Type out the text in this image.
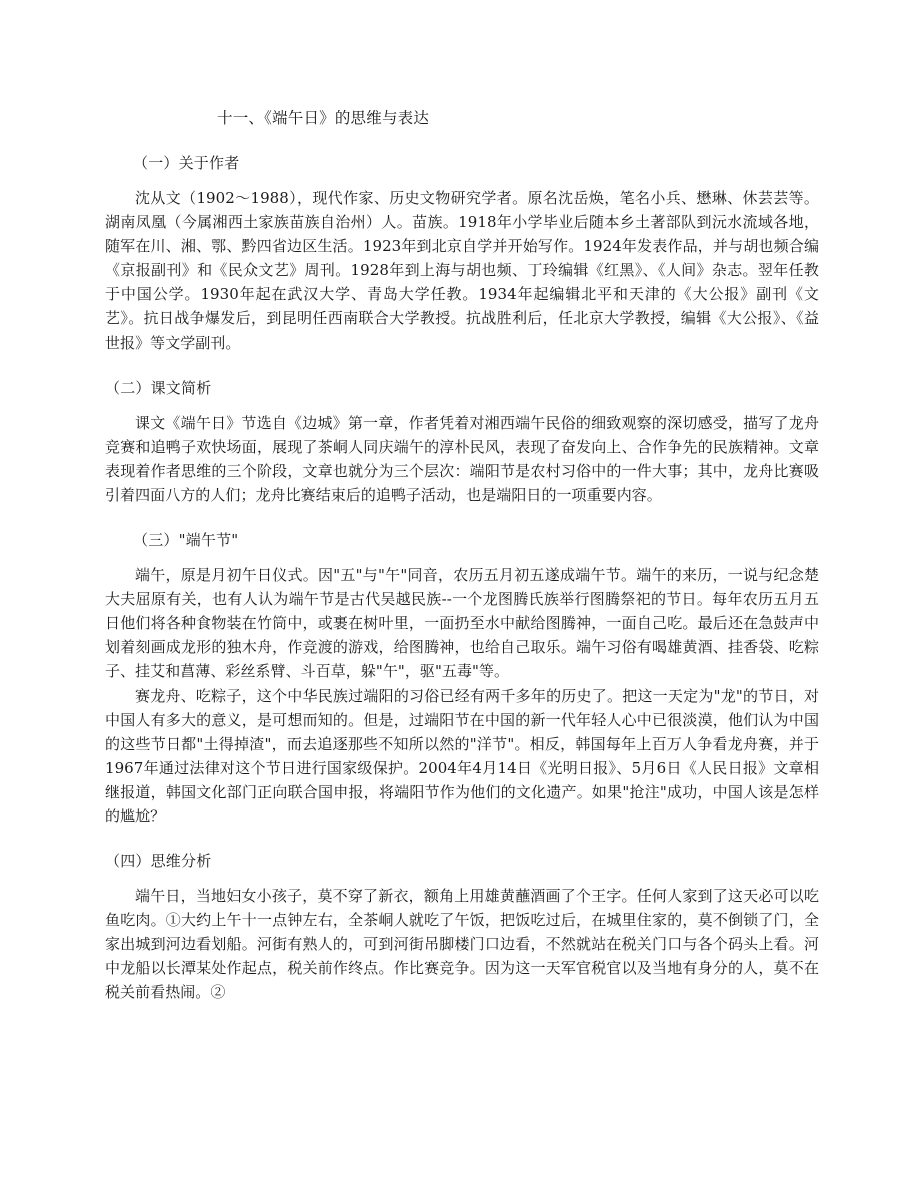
十一、《端午日》的思维与表达
（一）关于作者
沈从文（1902～1988），现代作家、历史文物研究学者。原名沈岳焕，笔名小兵、懋琳、休芸芸等。湖南凤凰（今属湘西土家族苗族自治州）人。苗族。1918年小学毕业后随本乡土著部队到沅水流域各地，随军在川、湘、鄂、黔四省边区生活。1923年到北京自学并开始写作。1924年发表作品，并与胡也频合编《京报副刊》和《民众文艺》周刊。1928年到上海与胡也频、丁玲编辑《红黑》、《人间》杂志。翌年任教于中国公学。1930年起在武汉大学、青岛大学任教。1934年起编辑北平和天津的《大公报》副刊《文艺》。抗日战争爆发后，到昆明任西南联合大学教授。抗战胜利后，任北京大学教授，编辑《大公报》、《益世报》等文学副刊。
（二）课文简析
课文《端午日》节选自《边城》第一章，作者凭着对湘西端午民俗的细致观察的深切感受，描写了龙舟竞赛和追鸭子欢快场面，展现了茶峒人同庆端午的淳朴民风，表现了奋发向上、合作争先的民族精神。文章表现着作者思维的三个阶段，文章也就分为三个层次：端阳节是农村习俗中的一件大事；其中，龙舟比赛吸引着四面八方的人们；龙舟比赛结束后的追鸭子活动，也是端阳日的一项重要内容。
（三）"端午节"
端午，原是月初午日仪式。因"五"与"午"同音，农历五月初五遂成端午节。端午的来历，一说与纪念楚大夫屈原有关，也有人认为端午节是古代吴越民族--一个龙图腾氏族举行图腾祭祀的节日。每年农历五月五日他们将各种食物装在竹筒中，或裹在树叶里，一面扔至水中献给图腾神，一面自己吃。最后还在急鼓声中划着刻画成龙形的独木舟，作竞渡的游戏，给图腾神，也给自己取乐。端午习俗有喝雄黄酒、挂香袋、吃粽子、挂艾和菖薄、彩丝系臂、斗百草，躲"午"，驱"五毒"等。
赛龙舟、吃粽子，这个中华民族过端阳的习俗已经有两千多年的历史了。把这一天定为"龙"的节日，对中国人有多大的意义，是可想而知的。但是，过端阳节在中国的新一代年轻人心中已很淡漠，他们认为中国的这些节日都"土得掉渣"，而去追逐那些不知所以然的"洋节"。相反，韩国每年上百万人争看龙舟赛，并于1967年通过法律对这个节日进行国家级保护。2004年4月14日《光明日报》、5月6日《人民日报》文章相继报道，韩国文化部门正向联合国申报，将端阳节作为他们的文化遗产。如果"抢注"成功，中国人该是怎样的尴尬？
（四）思维分析
端午日，当地妇女小孩子，莫不穿了新衣，额角上用雄黄蘸酒画了个王字。任何人家到了这天必可以吃鱼吃肉。①大约上午十一点钟左右，全茶峒人就吃了午饭，把饭吃过后，在城里住家的，莫不倒锁了门，全家出城到河边看划船。河街有熟人的，可到河街吊脚楼门口边看，不然就站在税关门口与各个码头上看。河中龙船以长潭某处作起点，税关前作终点。作比赛竞争。因为这一天军官税官以及当地有身分的人，莫不在税关前看热闹。②
